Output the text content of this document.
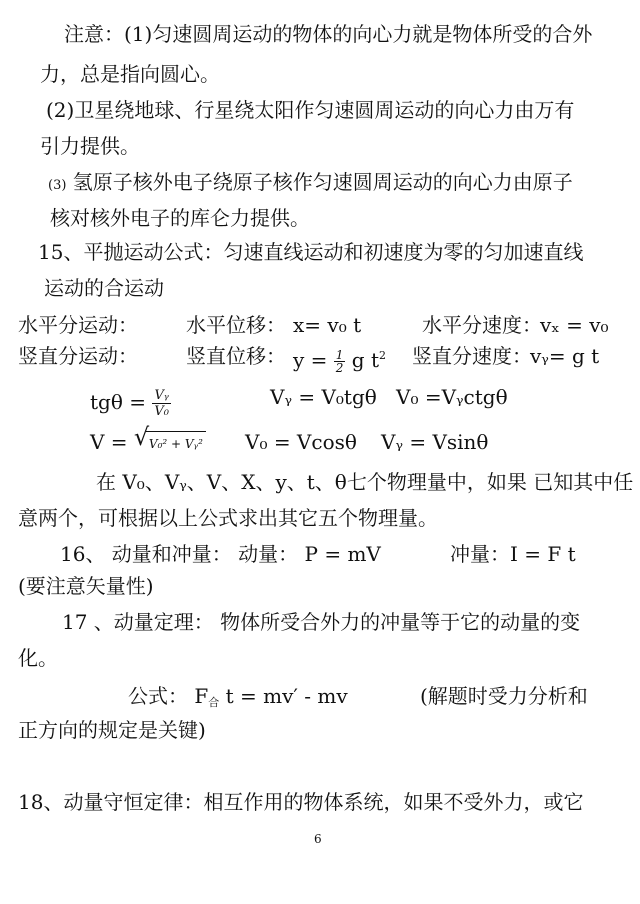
注意：(1)匀速圆周运动的物体的向心力就是物体所受的合外
力，总是指向圆心。
(2)卫星绕地球、行星绕太阳作匀速圆周运动的向心力由万有
引力提供。
(3) 氢原子核外电子绕原子核作匀速圆周运动的向心力由原子
核对核外电子的库仑力提供。
15、平抛运动公式：匀速直线运动和初速度为零的匀加速直线
运动的合运动
水平分运动： 水平位移： x= v₀ t	水平分速度：
vₓ = v₀
竖直分运动： 竖直位移： $y = \frac{1}{2}$ g $t^2$ 竖直分速度：
vᵧ= g t
$tg\theta = \frac{\text{Vᵧ}}{\text{V₀}}$	Vᵧ = V₀tgθ V₀ =Vᵧctgθ
V = √ V₀² + Vᵧ² V₀ = Vcosθ Vᵧ = Vsinθ
在 V₀、Vᵧ、V、X、y、t、θ七个物理量中，如果 已知其中任
意两个，可根据以上公式求出其它五个物理量。
16、 动量和冲量： 动量： P = mV	冲量：I = F t
(要注意矢量性)
17 、动量定理： 物体所受合外力的冲量等于它的动量的变
化。
公式： $F_合$ t = mv′ - mv	(解题时受力分析和
正方向的规定是关键)
18、动量守恒定律：相互作用的物体系统，如果不受外力，或它
6
